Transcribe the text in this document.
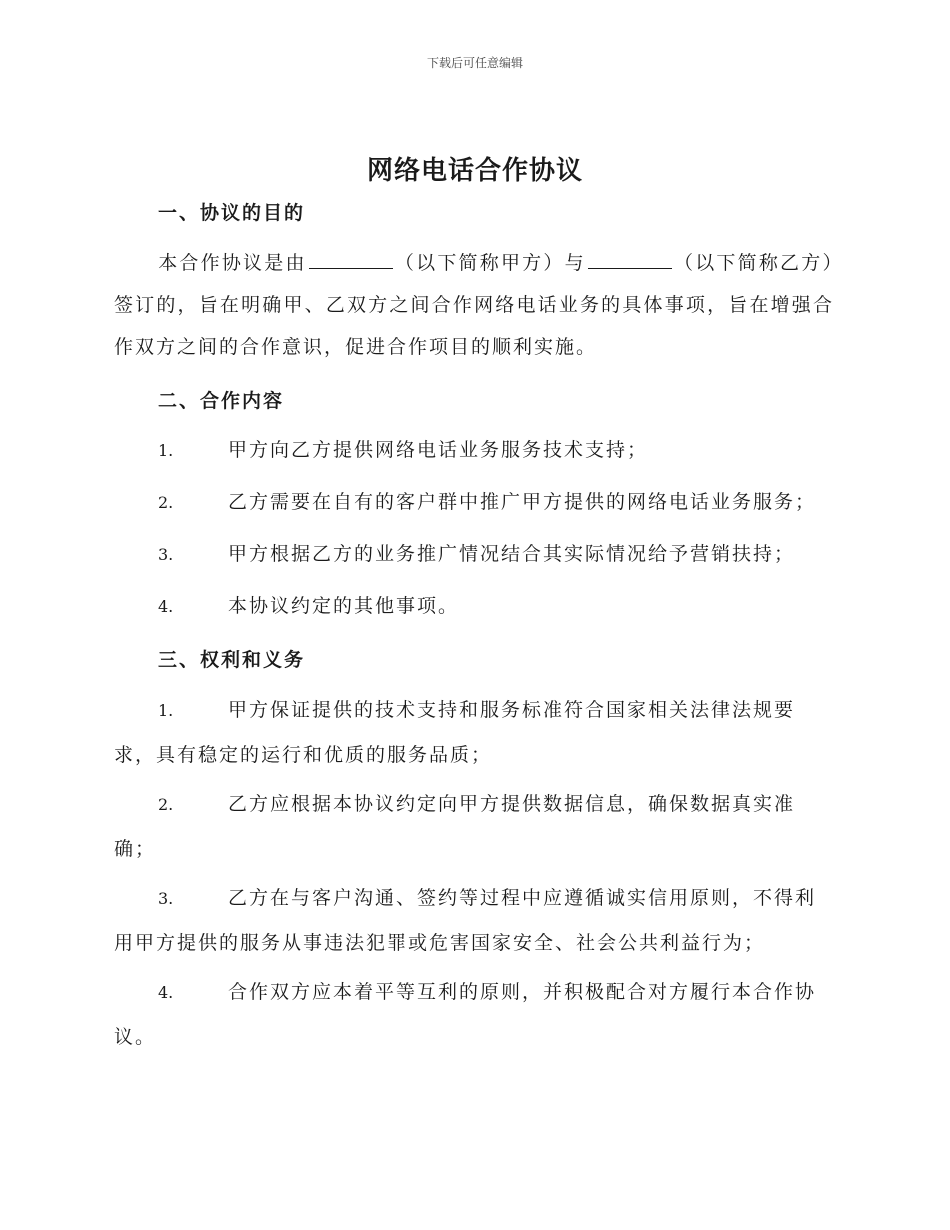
下载后可任意编辑
网络电话合作协议
一、协议的目的
本合作协议是由	（以下简称甲方）与	（以下简称乙方）签订的，旨在明确甲、乙双方之间合作网络电话业务的具体事项，旨在增强合作双方之间的合作意识，促进合作项目的顺利实施。
二、合作内容
1.	甲方向乙方提供网络电话业务服务技术支持；
2.	乙方需要在自有的客户群中推广甲方提供的网络电话业务服务；
3.	甲方根据乙方的业务推广情况结合其实际情况给予营销扶持；
4.	本协议约定的其他事项。
三、权利和义务
1.	甲方保证提供的技术支持和服务标准符合国家相关法律法规要求，具有稳定的运行和优质的服务品质；
2.	乙方应根据本协议约定向甲方提供数据信息，确保数据真实准确；
3.	乙方在与客户沟通、签约等过程中应遵循诚实信用原则，不得利用甲方提供的服务从事违法犯罪或危害国家安全、社会公共利益行为；
4.	合作双方应本着平等互利的原则，并积极配合对方履行本合作协议。
